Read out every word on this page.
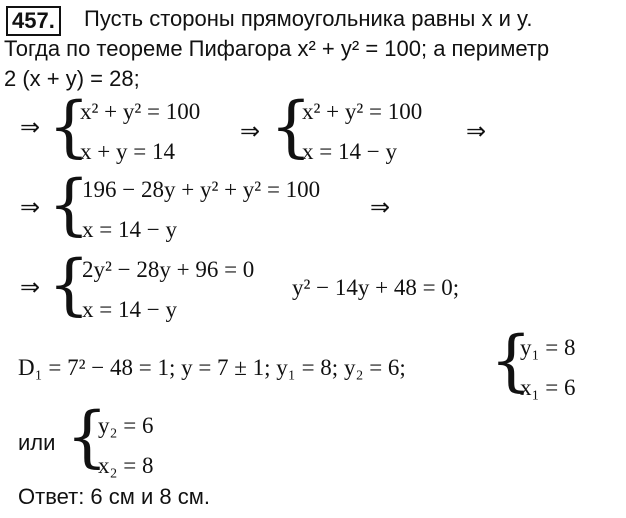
457. Пусть стороны прямоугольника равны x и y.
Тогда по теореме Пифагора x² + y² = 100; а периметр
2 (x + y) = 28;
⇒ {
x² + y² = 100
x + y = 14
⇒ {
x² + y² = 100
x = 14 − y
⇒
⇒ {
196 − 28y + y² + y² = 100
x = 14 − y
⇒
⇒ {
2y² − 28y + 96 = 0
x = 14 − y
y² − 14y + 48 = 0;
D₁ = 7² − 48 = 1; y = 7 ± 1; y₁ = 8; y₂ = 6; {
y₁ = 8
x₁ = 6
или {
y₂ = 6
x₂ = 8
Ответ: 6 см и 8 см.
